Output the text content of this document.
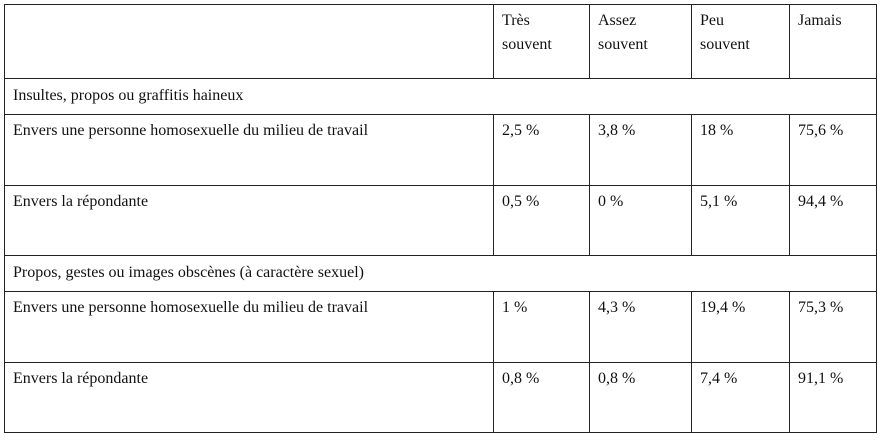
	Très
souvent	Assez
souvent	Peu
souvent	Jamais

Insultes, propos ou graffitis haineux				
Envers une personne homosexuelle du milieu de travail	2,5 %	3,8 %	18 %	75,6 %
Envers la répondante	0,5 %	0 %	5,1 %	94,4 %
Propos, gestes ou images obscènes (à caractère sexuel)				
Envers une personne homosexuelle du milieu de travail	1 %	4,3 %	19,4 %	75,3 %
Envers la répondante	0,8 %	0,8 %	7,4 %	91,1 %
